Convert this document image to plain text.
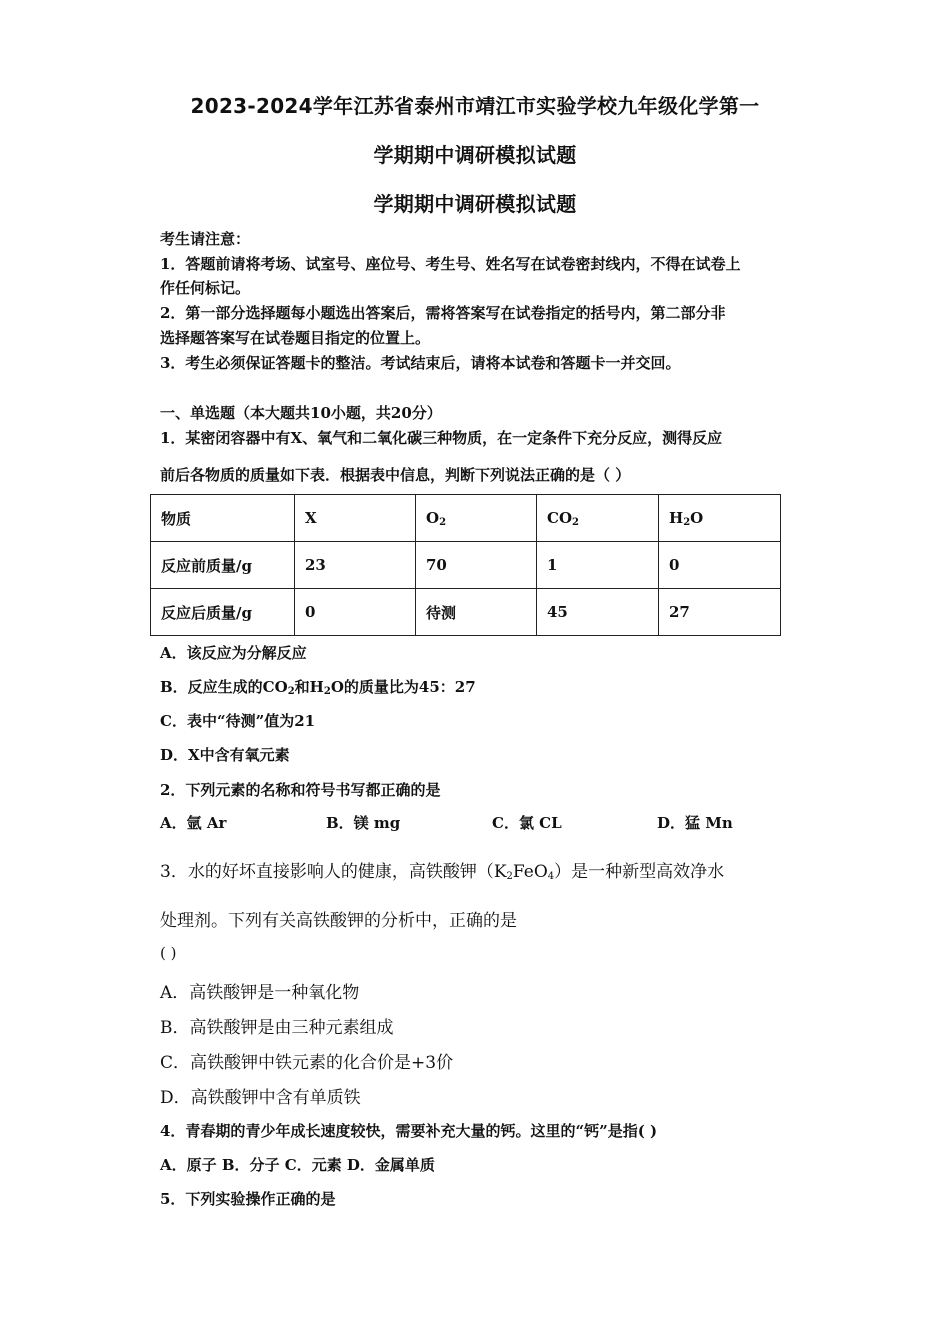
2023-2024学年江苏省泰州市靖江市实验学校九年级化学第一
学期期中调研模拟试题
学期期中调研模拟试题
考生请注意：
1．答题前请将考场、试室号、座位号、考生号、姓名写在试卷密封线内，不得在试卷上
作任何标记。
2．第一部分选择题每小题选出答案后，需将答案写在试卷指定的括号内，第二部分非
选择题答案写在试卷题目指定的位置上。
3．考生必须保证答题卡的整洁。考试结束后，请将本试卷和答题卡一并交回。
一、单选题（本大题共10小题，共20分）
1．某密闭容器中有X、氧气和二氧化碳三种物质，在一定条件下充分反应，测得反应
前后各物质的质量如下表．根据表中信息，判断下列说法正确的是（ ）
物质	X	$O_2$	$CO_2$	$H_2O$
反应前质量/g	23	70	1	0
反应后质量/g	0	待测	45	27
A．该反应为分解反应
B．反应生成的$CO_2$和$H_2O$的质量比为45：27
C．表中“待测”值为21
D．X中含有氧元素
2．下列元素的名称和符号书写都正确的是
A．氩 Ar	B．镁 mg	C．氯 CL	D．猛 Mn
3．水的好坏直接影响人的健康，高铁酸钾$(K_2FeO_4)$是一种新型高效净水
处理剂。下列有关高铁酸钾的分析中，正确的是
( )
A．高铁酸钾是一种氧化物
B．高铁酸钾是由三种元素组成
C．高铁酸钾中铁元素的化合价是+3价
D．高铁酸钾中含有单质铁
4．青春期的青少年成长速度较快，需要补充大量的钙。这里的“钙”是指( )
A．原子 B．分子 C．元素 D．金属单质
5．下列实验操作正确的是
